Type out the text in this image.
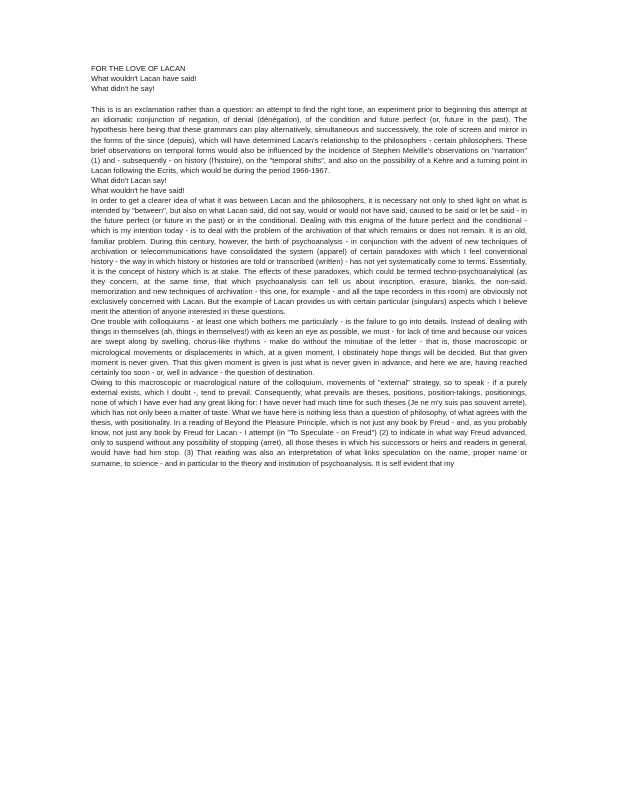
FOR THE LOVE OF LACAN

What wouldn't Lacan have said!

What didn't he say!

This is is an exclamation rather than a question: an attempt to find the right tone, an experiment prior to beginning this attempt at an idiomatic conjunction of negation, of denial (dénégation), of the condition and future perfect (or, future in the past). The hypothesis here being that these grammars can play alternatively, simultaneous and successively, the role of screen and mirror in the forms of the since (depuis), which will have determined Lacan's relationship to the philosophers - certain philosophers. These brief observations on temporal forms would also be influenced by the incidence of Stephen Melville's observations on "narration" (1) and - subsequently - on history (l'histoire), on the "temporal shifts", and also on the possibility of a Kehre and a turning point in Lacan following the Ecrits, which would be during the period 1966-1967.

What didn't Lacan say!

What wouldn't he have said!

In order to get a clearer idea of what it was between Lacan and the philosophers, it is necessary not only to shed light on what is intended by "between", but also on what Lacan said, did not say, would or would not have said, caused to be said or let be said - in the future perfect (or future in the past) or in the conditional. Dealing with this enigma of the future perfect and the conditional - which is my intention today - is to deal with the problem of the archivation of that which remains or does not remain. It is an old, familiar problem. During this century, however, the birth of psychoanalysis - in conjunction with the advent of new techniques of archivation or telecommunications have consolidated the system (apparel) of certain paradoxes with which I feel conventional history - the way in which history or histories are told or transcribed (written) - has not yet systematically come to terms. Essentially, it is the concept of history which is at stake. The effects of these paradoxes, which could be termed techno-psychoanalytical (as they concern, at the same time, that which psychoanalysis can tell us about inscription, erasure, blanks, the non-said, memorization and new techniques of archivation - this one, for example - and all the tape recorders in this room) are obviously not exclusively concerned with Lacan. But the example of Lacan provides us with certain particular (singulars) aspects which I believe merit the attention of anyone interested in these questions.

One trouble with colloquiums - at least one which bothers me particularly - is the failure to go into details. Instead of dealing with things in themselves (ah, things in themselves!) with as keen an eye as possible, we must - for lack of time and because our voices are swept along by swelling, chorus-like rhythms - make do without the minutiae of the letter - that is, those macroscopic or micrological movements or displacements in which, at a given moment, I obstinately hope things will be decided. But that given moment is never given. That this given moment is given is just what is never given in advance, and here we are, having reached certainly too soon - or, well in advance - the question of destination.

Owing to this macroscopic or macrological nature of the colloquium, movements of "external" strategy, so to speak - if a purely external exists, which I doubt -, tend to prevail. Consequently, what prevails are theses, positions, position-takings, positionings, none of which I have ever had any great liking for: I have never had much time for such theses (Je ne m'y suis pas souvent arrete), which has not only been a matter of taste. What we have here is nothing less than a question of philosophy, of what agrees with the thesis, with positionality. In a reading of Beyond the Pleasure Principle, which is not just any book by Freud - and, as you probably know, not just any book by Freud for Lacan - I attempt (in "To Speculate - on Freud") (2) to indicate in what way Freud advanced, only to suspend without any possibility of stopping (arret), all those theses in which his successors or heirs and readers in general, would have had him stop. (3) That reading was also an interpretation of what links speculation on the name, proper name or surname, to science - and in particular to the theory and institution of psychoanalysis. It is self evident that my
